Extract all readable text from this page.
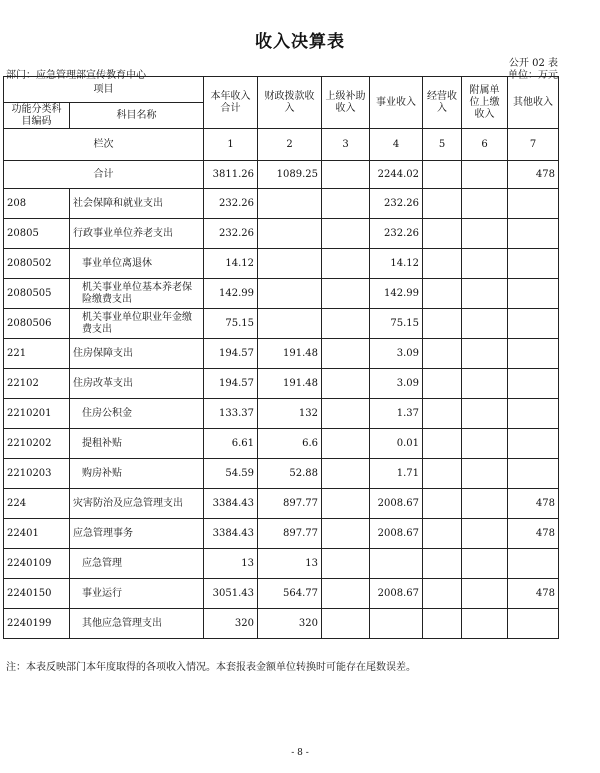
收入决算表
公开 02 表
部门：应急管理部宣传教育中心	单位：万元
项目		本年收入合计	财政拨款收入	上级补助收入	事业收入	经营收入	附属单位上缴收入	其他收入
功能分类科目编码	科目名称							
栏次		1	2	3	4	5	6	7
合计		3811.26	1089.25		2244.02			478
208	社会保障和就业支出	232.26			232.26			
20805	行政事业单位养老支出	232.26			232.26			
2080502	事业单位离退休	14.12			14.12			
2080505	机关事业单位基本养老保险缴费支出	142.99			142.99			
2080506	机关事业单位职业年金缴费支出	75.15			75.15			
221	住房保障支出	194.57	191.48		3.09			
22102	住房改革支出	194.57	191.48		3.09			
2210201	住房公积金	133.37	132		1.37			
2210202	提租补贴	6.61	6.6		0.01			
2210203	购房补贴	54.59	52.88		1.71			
224	灾害防治及应急管理支出	3384.43	897.77		2008.67			478
22401	应急管理事务	3384.43	897.77		2008.67			478
2240109	应急管理	13	13					
2240150	事业运行	3051.43	564.77		2008.67			478
2240199	其他应急管理支出	320	320					
注：本表反映部门本年度取得的各项收入情况。本套报表金额单位转换时可能存在尾数误差。
- 8 -
